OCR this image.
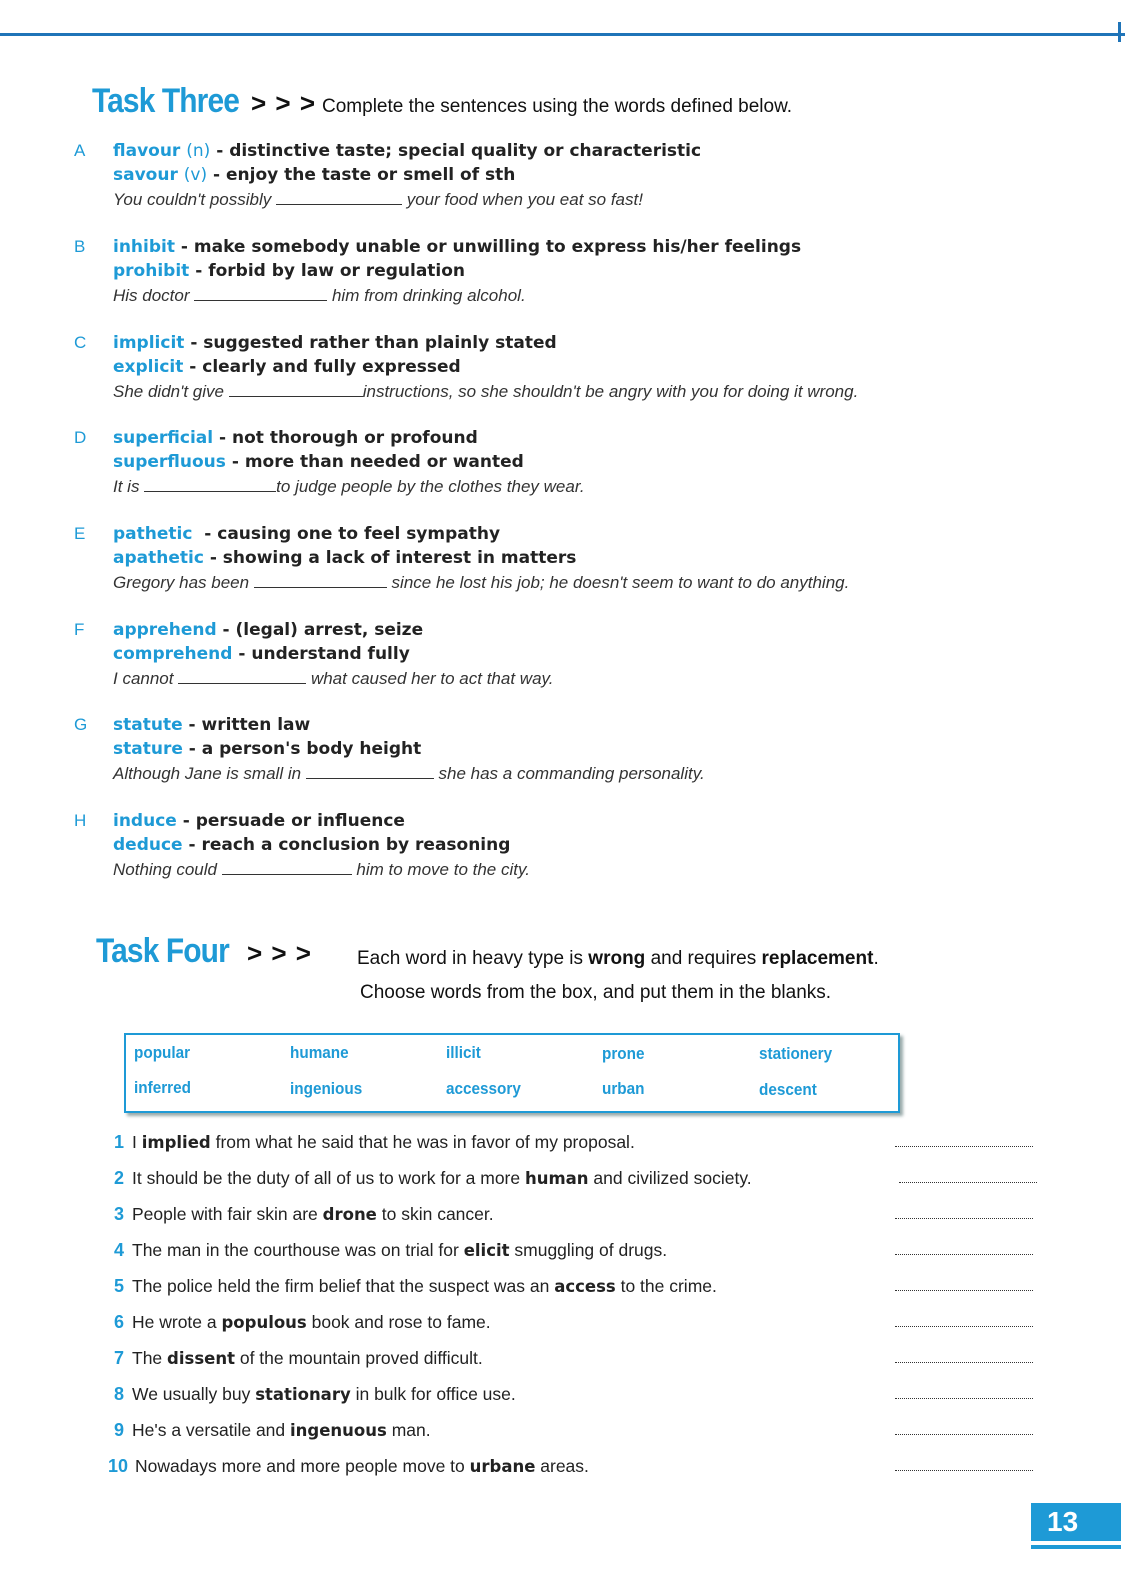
Task Three > > > Complete the sentences using the words defined below.
A flavour (n) - distinctive taste; special quality or characteristic
savour (v) - enjoy the taste or smell of sth
You couldn't possibly	your food when you eat so fast!
B inhibit - make somebody unable or unwilling to express his/her feelings
prohibit - forbid by law or regulation
His doctor	him from drinking alcohol.
C implicit - suggested rather than plainly stated
explicit - clearly and fully expressed
She didn't give	instructions, so she shouldn't be angry with you for doing it wrong.
D superficial - not thorough or profound
superfluous - more than needed or wanted
It is	to judge people by the clothes they wear.
E pathetic  - causing one to feel sympathy
apathetic - showing a lack of interest in matters
Gregory has been	since he lost his job; he doesn't seem to want to do anything.
F apprehend - (legal) arrest, seize
comprehend - understand fully
I cannot	what caused her to act that way.
G statute - written law
stature - a person's body height
Although Jane is small in	she has a commanding personality.
H induce - persuade or influence
deduce - reach a conclusion by reasoning
Nothing could	him to move to the city.
Task Four > > > Each word in heavy type is wrong and requires replacement.
Choose words from the box, and put them in the blanks.
popular	humane	illicit	prone	stationery
inferred	ingenious	accessory	urban	descent
1 I implied from what he said that he was in favor of my proposal.
2 It should be the duty of all of us to work for a more human and civilized society.
3 People with fair skin are drone to skin cancer.
4 The man in the courthouse was on trial for elicit smuggling of drugs.
5 The police held the firm belief that the suspect was an access to the crime.
6 He wrote a populous book and rose to fame.
7 The dissent of the mountain proved difficult.
8 We usually buy stationary in bulk for office use.
9 He's a versatile and ingenuous man.
10 Nowadays more and more people move to urbane areas.
13
